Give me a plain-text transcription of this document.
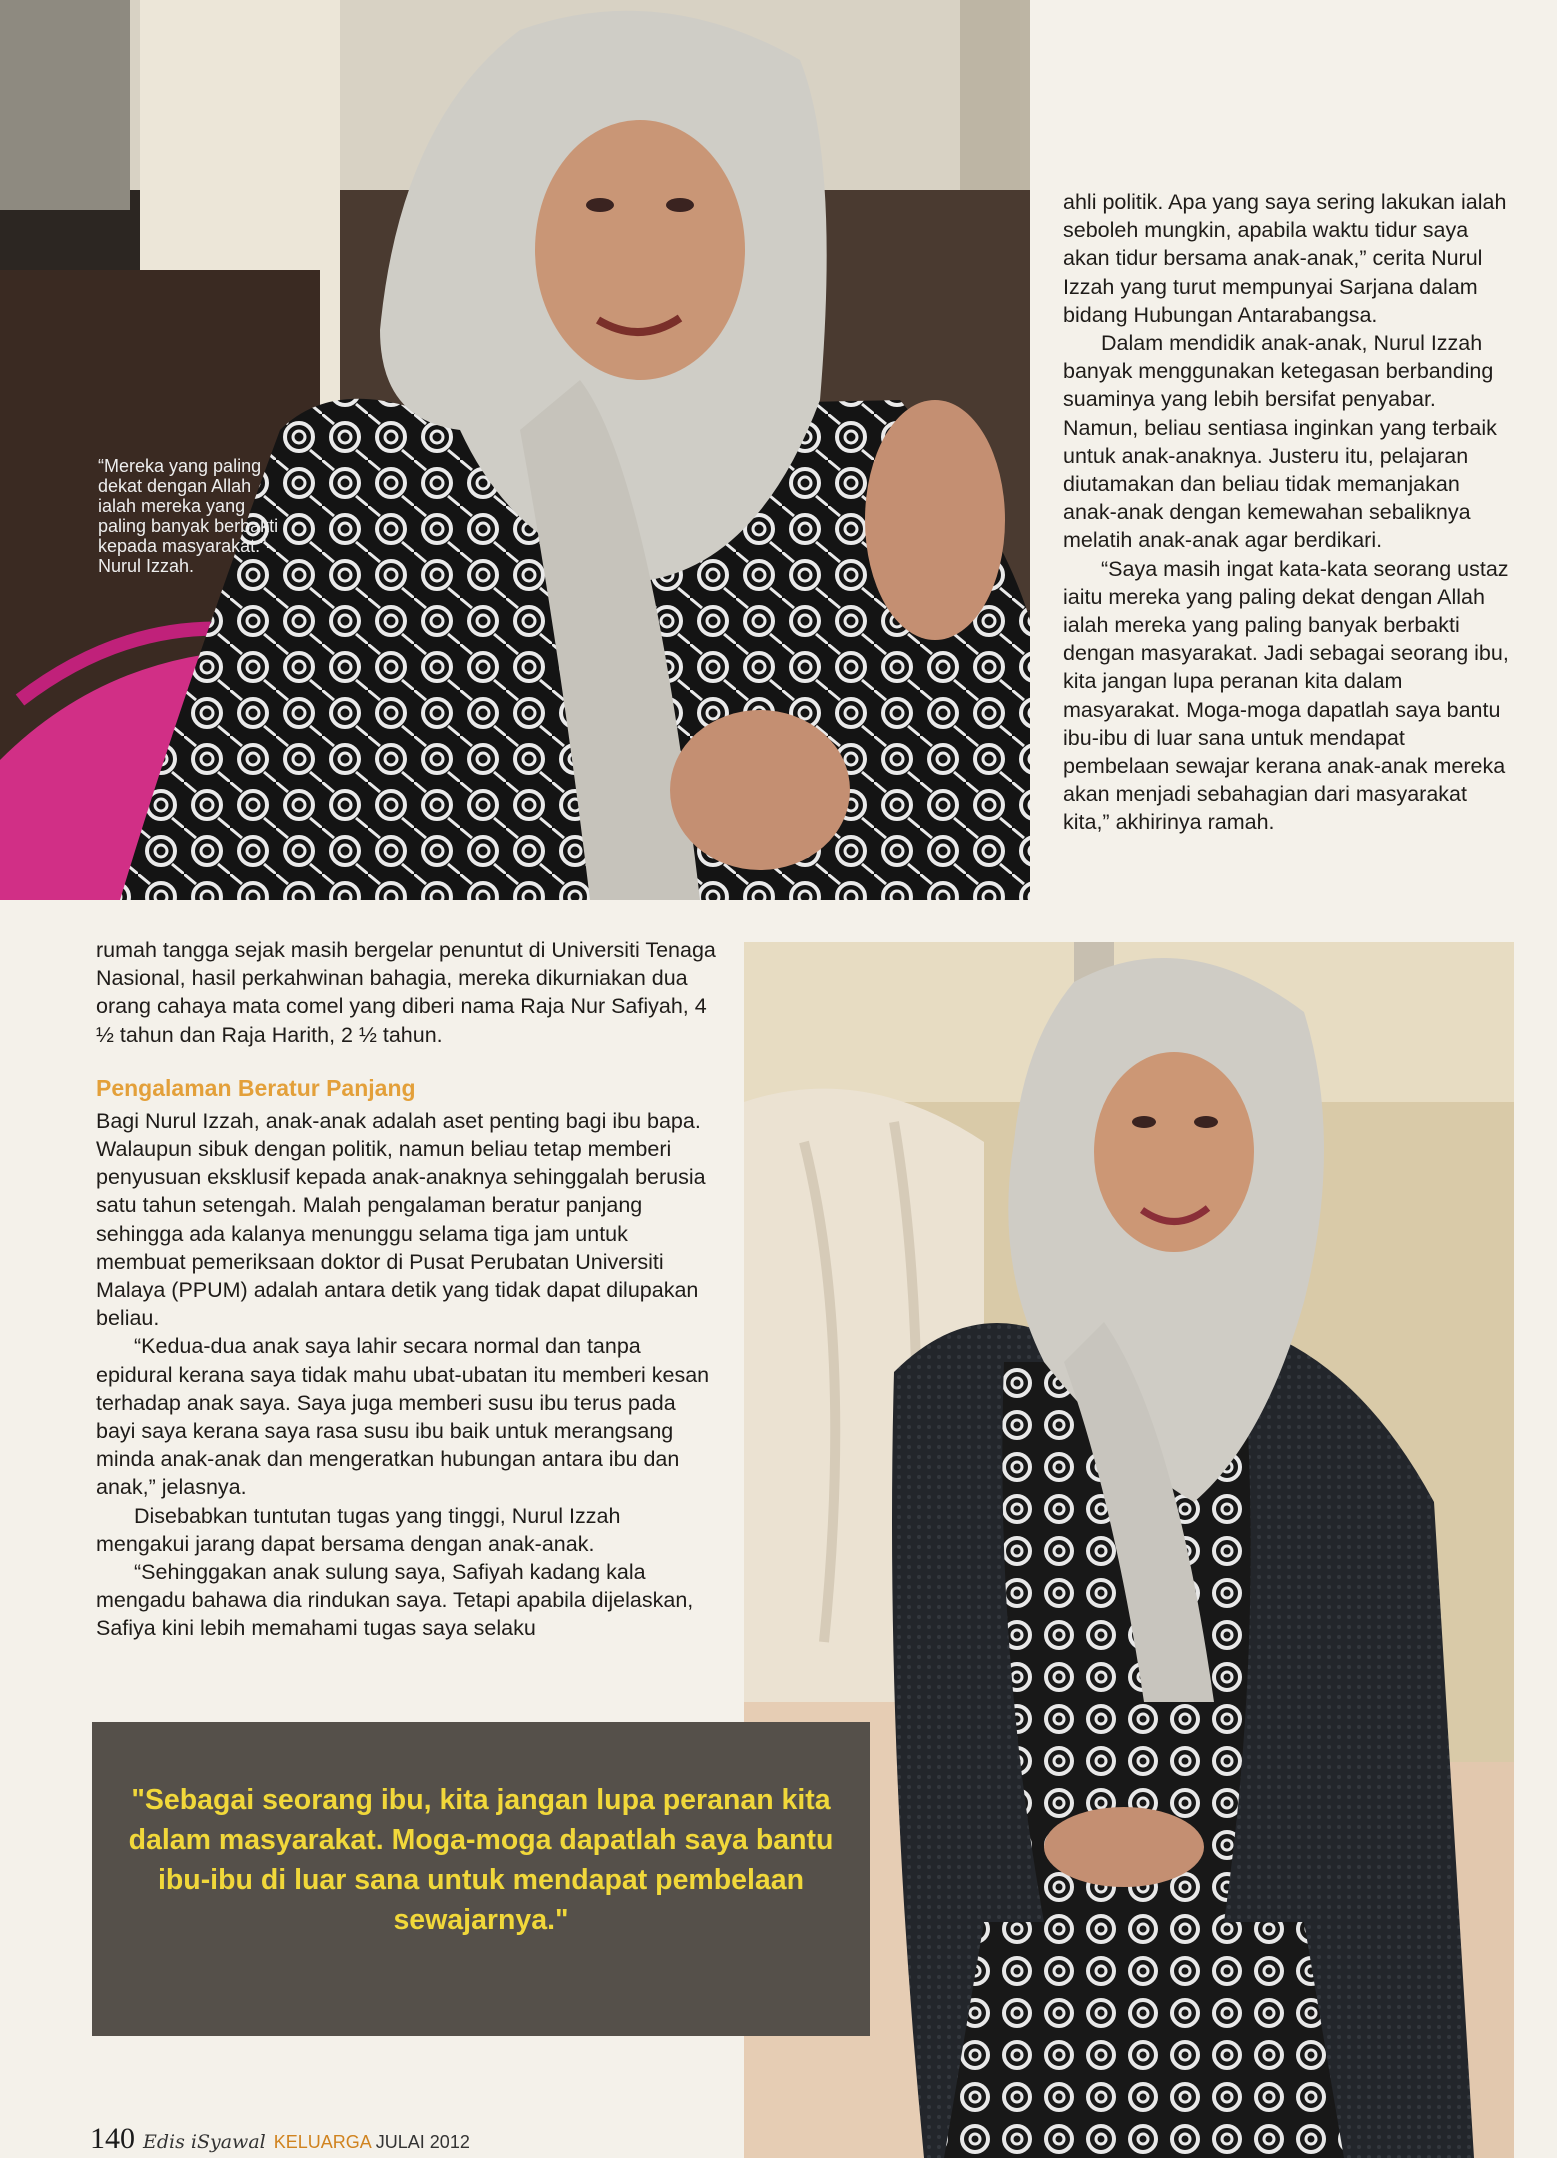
“Mereka yang paling
dekat dengan Allah
ialah mereka yang
paling banyak berbakti
kepada masyarakat.”-
Nurul Izzah.

ahli politik. Apa yang saya sering lakukan ialah seboleh mungkin, apabila waktu tidur saya akan tidur bersama anak-anak,” cerita Nurul Izzah yang turut mempunyai Sarjana dalam bidang Hubungan Antarabangsa.

Dalam mendidik anak-anak, Nurul Izzah banyak menggunakan ketegasan berbanding suaminya yang lebih bersifat penyabar. Namun, beliau sentiasa inginkan yang terbaik untuk anak-anaknya. Justeru itu, pelajaran diutamakan dan beliau tidak memanjakan anak-anak dengan kemewahan sebaliknya melatih anak-anak agar berdikari.

“Saya masih ingat kata-kata seorang ustaz iaitu mereka yang paling dekat dengan Allah ialah mereka yang paling banyak berbakti dengan masyarakat. Jadi sebagai seorang ibu, kita jangan lupa peranan kita dalam masyarakat. Moga-moga dapatlah saya bantu ibu-ibu di luar sana untuk mendapat pembelaan sewajar kerana anak-anak mereka akan menjadi sebahagian dari masyarakat kita,” akhirinya ramah.

rumah tangga sejak masih bergelar penuntut di Universiti Tenaga Nasional, hasil perkahwinan bahagia, mereka dikurniakan dua orang cahaya mata comel yang diberi nama Raja Nur Safiyah, 4 ½ tahun dan Raja Harith, 2 ½ tahun.

Pengalaman Beratur Panjang

Bagi Nurul Izzah, anak-anak adalah aset penting bagi ibu bapa. Walaupun sibuk dengan politik, namun beliau tetap memberi penyusuan eksklusif kepada anak-anaknya sehinggalah berusia satu tahun setengah. Malah pengalaman beratur panjang sehingga ada kalanya menunggu selama tiga jam untuk membuat pemeriksaan doktor di Pusat Perubatan Universiti Malaya (PPUM) adalah antara detik yang tidak dapat dilupakan beliau.

“Kedua-dua anak saya lahir secara normal dan tanpa epidural kerana saya tidak mahu ubat-ubatan itu memberi kesan terhadap anak saya. Saya juga memberi susu ibu terus pada bayi saya kerana saya rasa susu ibu baik untuk merangsang minda anak-anak dan mengeratkan hubungan antara ibu dan anak,” jelasnya.

Disebabkan tuntutan tugas yang tinggi, Nurul Izzah mengakui jarang dapat bersama dengan anak-anak.

“Sehinggakan anak sulung saya, Safiyah kadang kala mengadu bahawa dia rindukan saya. Tetapi apabila dijelaskan, Safiya kini lebih memahami tugas saya selaku

"Sebagai seorang ibu, kita jangan lupa peranan kita dalam masyarakat. Moga-moga dapatlah saya bantu ibu-ibu di luar sana untuk mendapat pembelaan sewajarnya."
140 Edis iSyawal KELUARGA JULAI 2012
